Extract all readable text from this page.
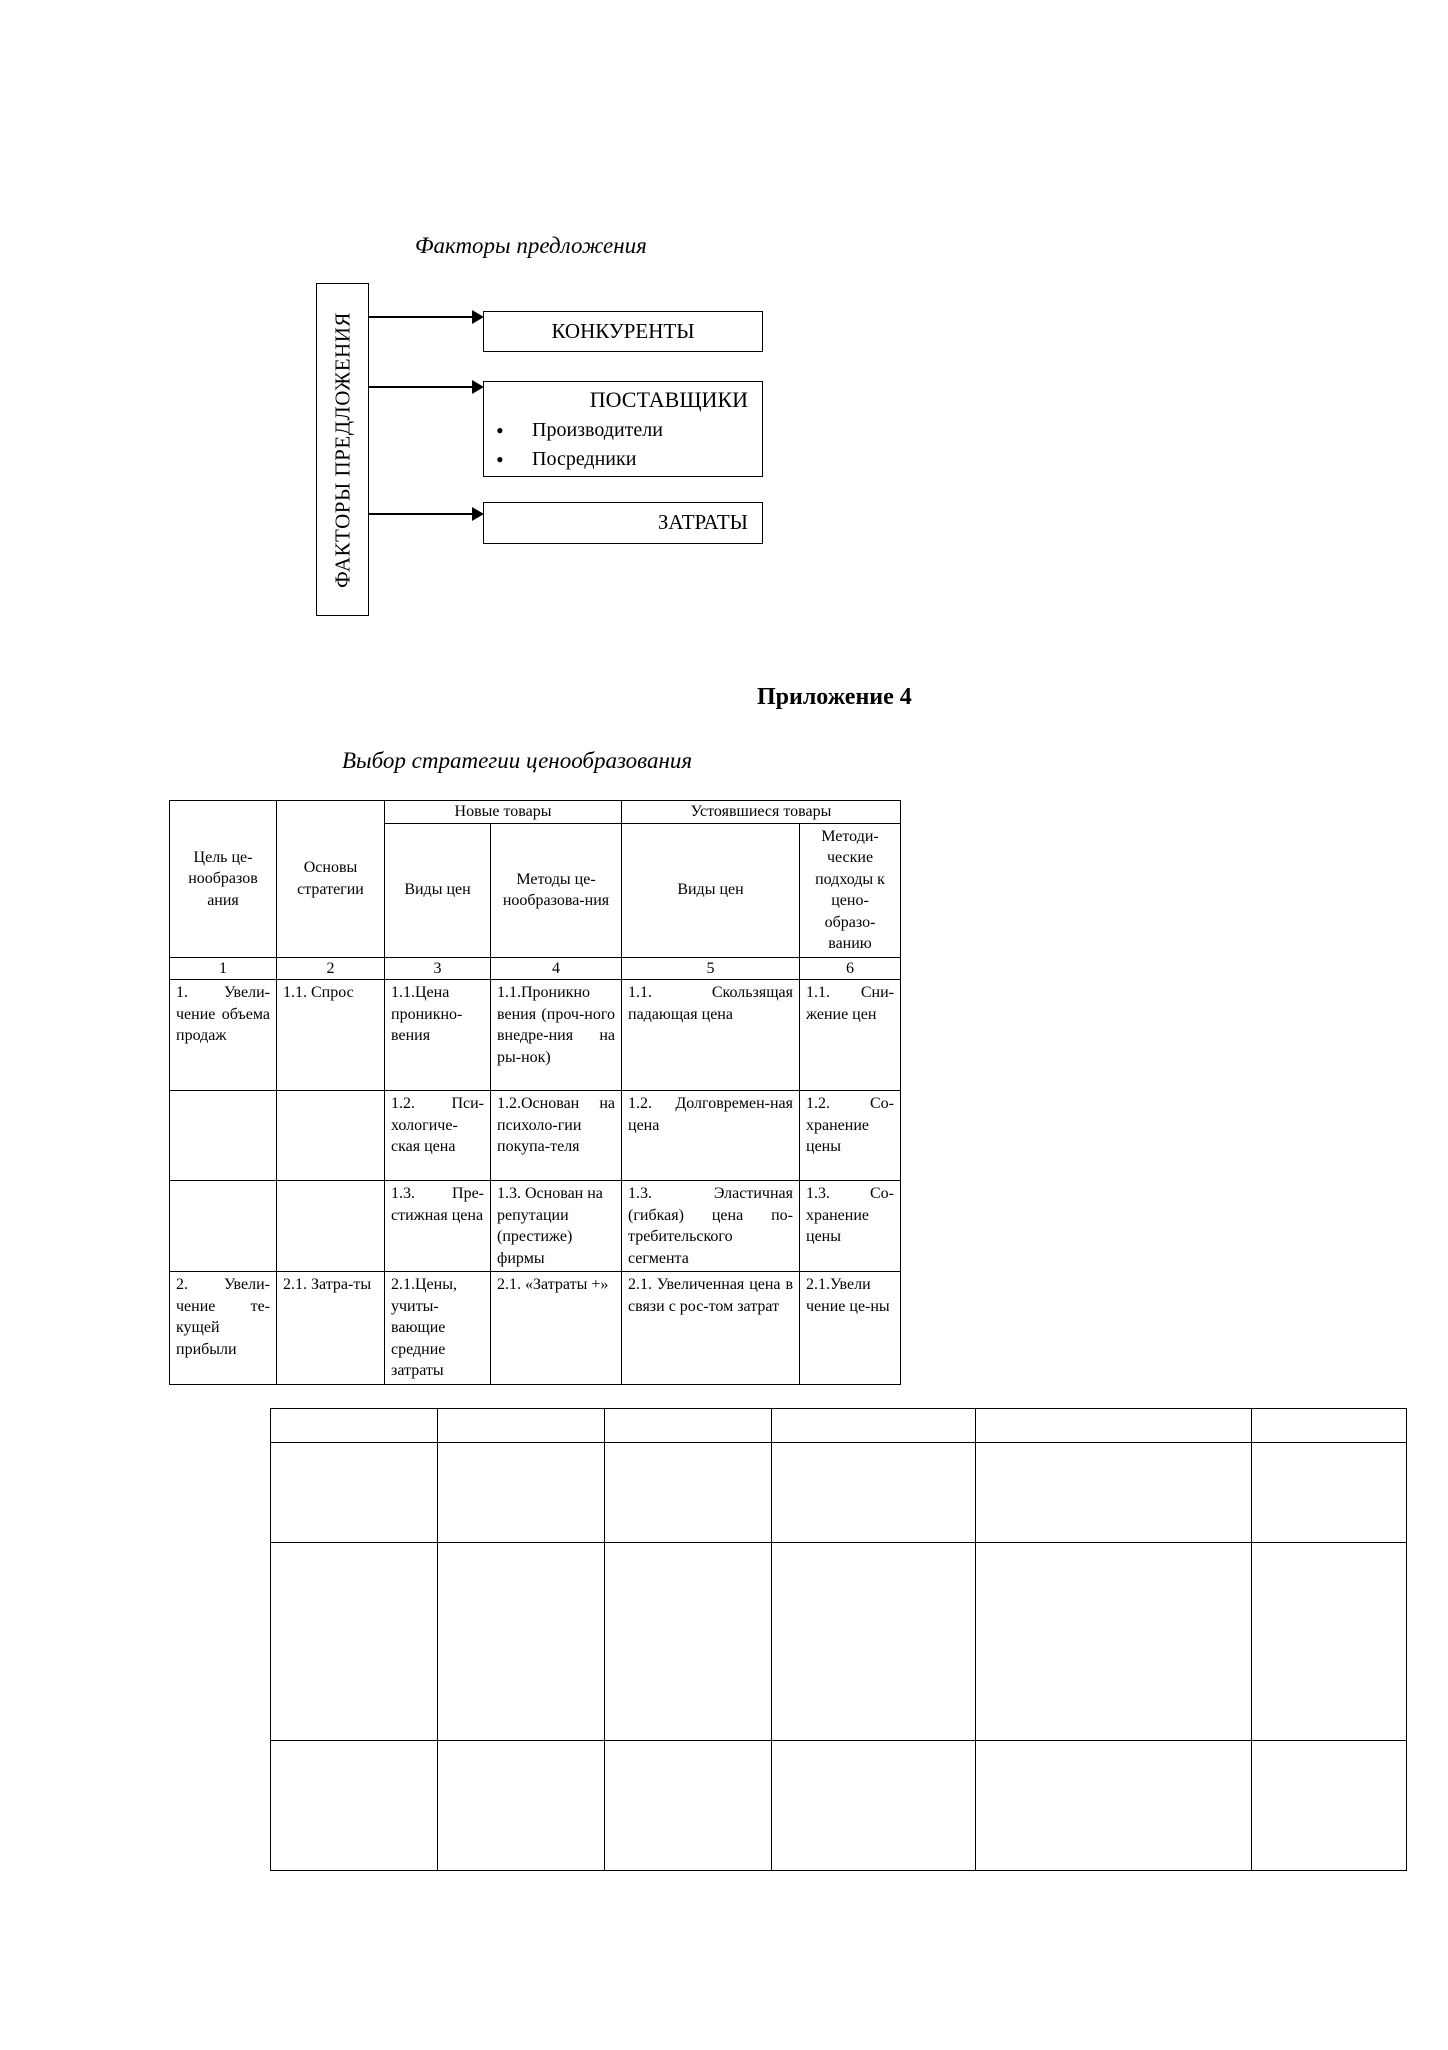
Факторы предложения
ФАКТОРЫ ПРЕДЛОЖЕНИЯ	КОНКУРЕНТЫ
ПОСТАВЩИКИ
• Производители
• Посредники
ЗАТРАТЫ
Приложение 4
Выбор стратегии ценообразования
Цель це-нообразов ания	Основы стратегии	Новые товары		Устоявшиеся товары	
		Виды цен	Методы це-нообразова-ния	Виды цен	Методи-ческие подходы к цено-образо-ванию
1	2	3	4	5	6
1. Увели-чение объема продаж	1.1. Спрос	1.1.Цена проникно-вения	1.1.Проникно вения (проч-ного внедре-ния на ры-нок)	1.1. Скользящая падающая цена	1.1. Сни-жение цен
		1.2. Пси-хологиче-ская цена	1.2.Основан на психоло-гии покупа-теля	1.2. Долговремен-ная цена	1.2. Со-хранение цены
		1.3. Пре-стижная цена	1.3. Основан на репутации (престиже) фирмы	1.3. Эластичная (гибкая) цена по-требительского сегмента	1.3. Со-хранение цены
2. Увели-чение те-кущей прибыли	2.1. Затра-ты	2.1.Цены, учиты-вающие средние затраты	2.1. «Затраты +»	2.1. Увеличенная цена в связи с рос-том затрат	2.1.Увели чение це-ны
